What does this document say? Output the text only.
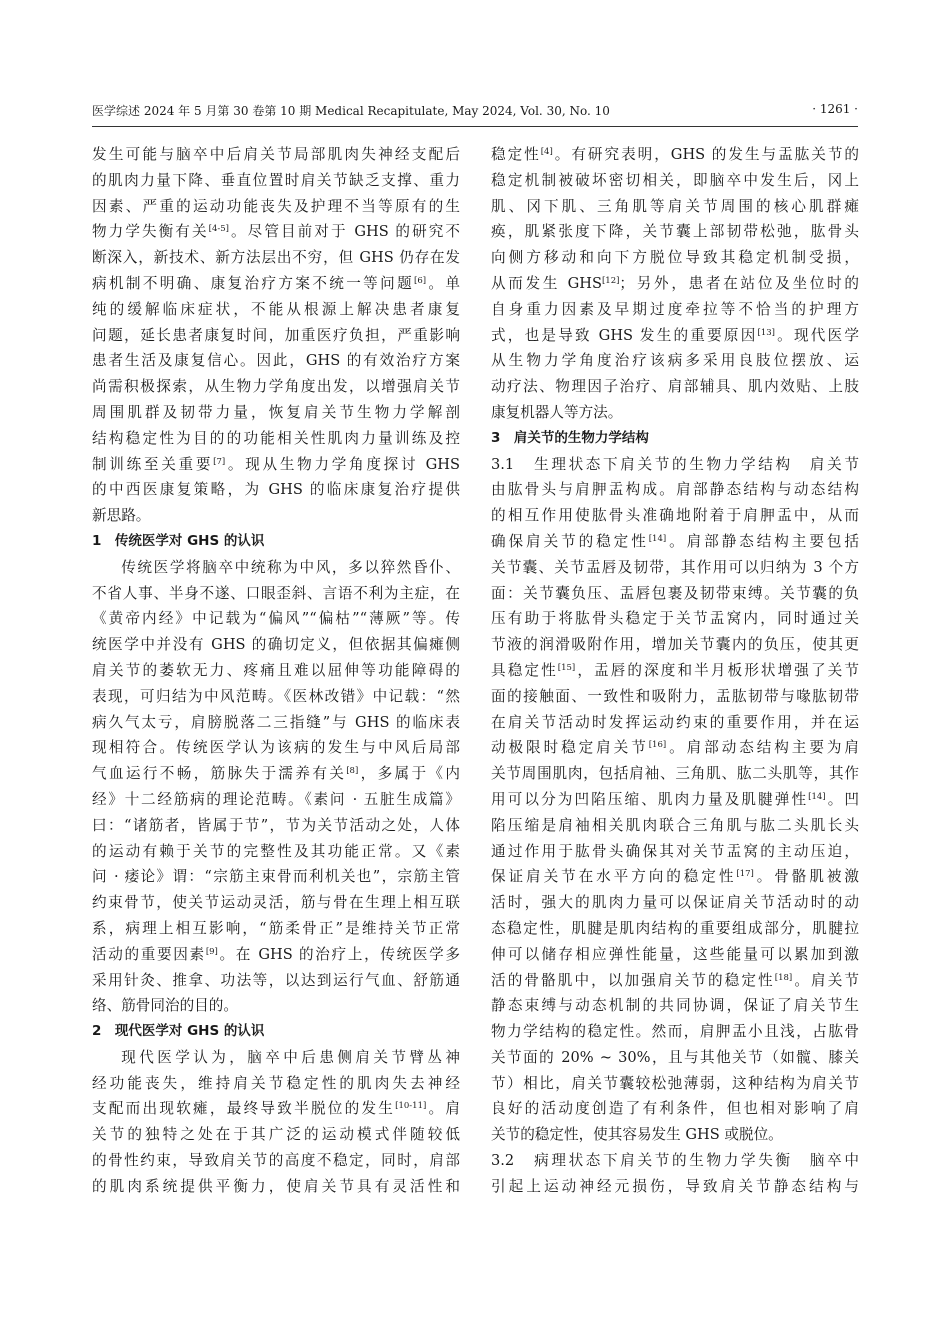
医学综述 2024 年 5 月第 30 卷第 10 期 Medical Recapitulate, May 2024, Vol. 30, No. 10	· 1261 ·
发生可能与脑卒中后肩关节局部肌肉失神经支配后
的肌肉力量下降、垂直位置时肩关节缺乏支撑、重力
因素、严重的运动功能丧失及护理不当等原有的生
物力学失衡有关[4-5]。尽管目前对于 GHS 的研究不
断深入，新技术、新方法层出不穷，但 GHS 仍存在发
病机制不明确、康复治疗方案不统一等问题[6]。单
纯的缓解临床症状，不能从根源上解决患者康复
问题，延长患者康复时间，加重医疗负担，严重影响
患者生活及康复信心。因此，GHS 的有效治疗方案
尚需积极探索，从生物力学角度出发，以增强肩关节
周围肌群及韧带力量，恢复肩关节生物力学解剖
结构稳定性为目的的功能相关性肌肉力量训练及控
制训练至关重要[7]。现从生物力学角度探讨 GHS
的中西医康复策略，为 GHS 的临床康复治疗提供
新思路。
1　传统医学对 GHS 的认识
传统医学将脑卒中统称为中风，多以猝然昏仆、
不省人事、半身不遂、口眼歪斜、言语不利为主症，在
《黄帝内经》中记载为“偏风”“偏枯”“薄厥”等。传
统医学中并没有 GHS 的确切定义，但依据其偏瘫侧
肩关节的萎软无力、疼痛且难以屈伸等功能障碍的
表现，可归结为中风范畴。《医林改错》中记载：“然
病久气太亏，肩膀脱落二三指缝”与 GHS 的临床表
现相符合。传统医学认为该病的发生与中风后局部
气血运行不畅，筋脉失于濡养有关[8]，多属于《内
经》十二经筋病的理论范畴。《素问 · 五脏生成篇》
曰：“诸筋者，皆属于节”，节为关节活动之处，人体
的运动有赖于关节的完整性及其功能正常。又《素
问 · 痿论》谓：“宗筋主束骨而利机关也”，宗筋主管
约束骨节，使关节运动灵活，筋与骨在生理上相互联
系，病理上相互影响，“筋柔骨正”是维持关节正常
活动的重要因素[9]。在 GHS 的治疗上，传统医学多
采用针灸、推拿、功法等，以达到运行气血、舒筋通
络、筋骨同治的目的。
2　现代医学对 GHS 的认识
现代医学认为，脑卒中后患侧肩关节臂丛神
经功能丧失，维持肩关节稳定性的肌肉失去神经
支配而出现软瘫，最终导致半脱位的发生[10-11]。肩
关节的独特之处在于其广泛的运动模式伴随较低
的骨性约束，导致肩关节的高度不稳定，同时，肩部
的肌肉系统提供平衡力，使肩关节具有灵活性和
稳定性[4]。有研究表明，GHS 的发生与盂肱关节的
稳定机制被破坏密切相关，即脑卒中发生后，冈上
肌、冈下肌、三角肌等肩关节周围的核心肌群瘫
痪，肌紧张度下降，关节囊上部韧带松弛，肱骨头
向侧方移动和向下方脱位导致其稳定机制受损，
从而发生 GHS[12]；另外，患者在站位及坐位时的
自身重力因素及早期过度牵拉等不恰当的护理方
式，也是导致 GHS 发生的重要原因[13]。现代医学
从生物力学角度治疗该病多采用良肢位摆放、运
动疗法、物理因子治疗、肩部辅具、肌内效贴、上肢
康复机器人等方法。
3　肩关节的生物力学结构
3.1　生理状态下肩关节的生物力学结构　肩关节
由肱骨头与肩胛盂构成。肩部静态结构与动态结构
的相互作用使肱骨头准确地附着于肩胛盂中，从而
确保肩关节的稳定性[14]。肩部静态结构主要包括
关节囊、关节盂唇及韧带，其作用可以归纳为 3 个方
面：关节囊负压、盂唇包裹及韧带束缚。关节囊的负
压有助于将肱骨头稳定于关节盂窝内，同时通过关
节液的润滑吸附作用，增加关节囊内的负压，使其更
具稳定性[15]，盂唇的深度和半月板形状增强了关节
面的接触面、一致性和吸附力，盂肱韧带与喙肱韧带
在肩关节活动时发挥运动约束的重要作用，并在运
动极限时稳定肩关节[16]。肩部动态结构主要为肩
关节周围肌肉，包括肩袖、三角肌、肱二头肌等，其作
用可以分为凹陷压缩、肌肉力量及肌腱弹性[14]。凹
陷压缩是肩袖相关肌肉联合三角肌与肱二头肌长头
通过作用于肱骨头确保其对关节盂窝的主动压迫，
保证肩关节在水平方向的稳定性[17]。骨骼肌被激
活时，强大的肌肉力量可以保证肩关节活动时的动
态稳定性，肌腱是肌肉结构的重要组成部分，肌腱拉
伸可以储存相应弹性能量，这些能量可以累加到激
活的骨骼肌中，以加强肩关节的稳定性[18]。肩关节
静态束缚与动态机制的共同协调，保证了肩关节生
物力学结构的稳定性。然而，肩胛盂小且浅，占肱骨
关节面的 20% ~ 30%，且与其他关节（如髋、膝关
节）相比，肩关节囊较松弛薄弱，这种结构为肩关节
良好的活动度创造了有利条件，但也相对影响了肩
关节的稳定性，使其容易发生 GHS 或脱位。
3.2　病理状态下肩关节的生物力学失衡　脑卒中
引起上运动神经元损伤，导致肩关节静态结构与
